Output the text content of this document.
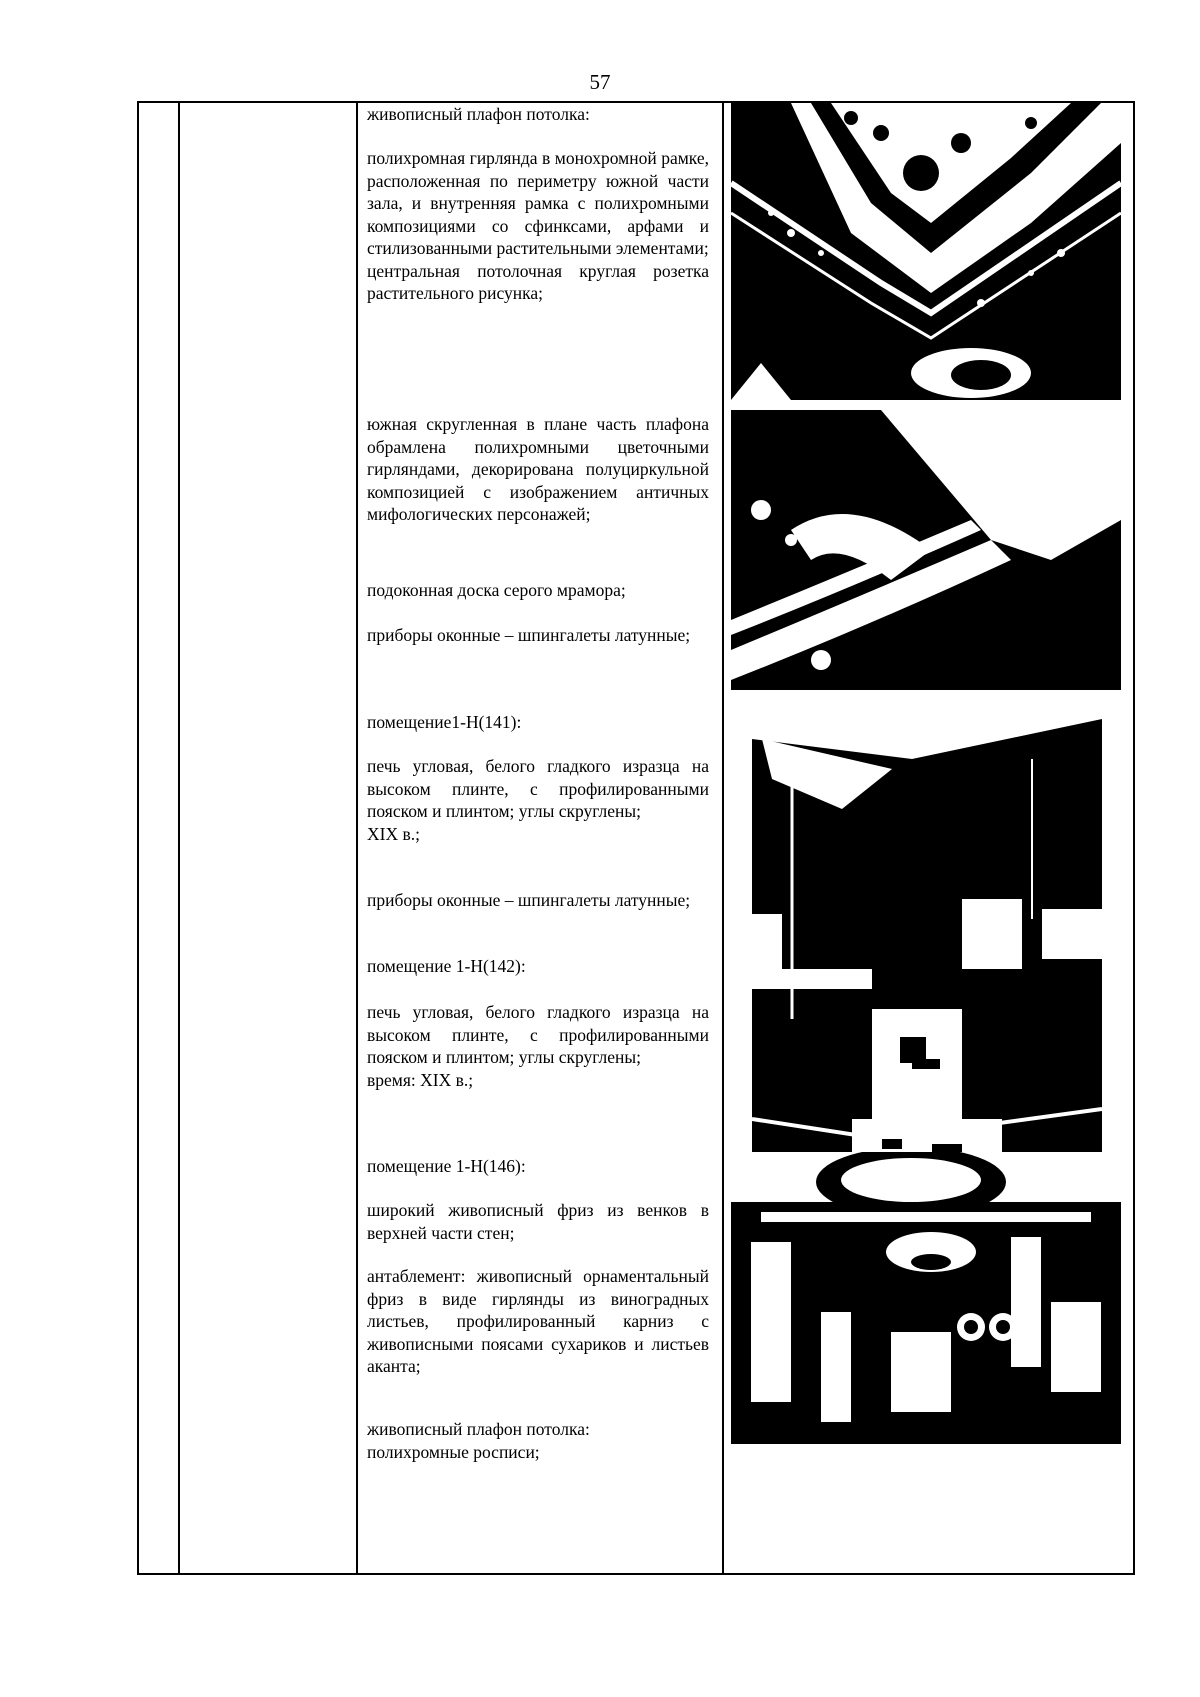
57

живописный плафон потолка:

полихромная гирлянда в монохромной рамке, расположенная по периметру южной части зала, и внутренняя рамка с полихромными композициями со сфинксами, арфами и стилизованными растительными элементами;

центральная потолочная круглая розетка растительного рисунка;

южная скругленная в плане часть плафона обрамлена полихромными цветочными гирляндами, декорирована полуциркульной композицией с изображением античных мифологических персонажей;

подоконная доска серого мрамора;

приборы оконные – шпингалеты латунные;

помещение1-Н(141):

печь угловая, белого гладкого изразца на высоком плинте, с профилированными пояском и плинтом; углы скруглены;

XIX в.;

приборы оконные – шпингалеты латунные;

помещение 1-Н(142):

печь угловая, белого гладкого изразца на высоком плинте, с профилированными пояском и плинтом; углы скруглены;

время: XIX в.;

помещение 1-Н(146):

широкий живописный фриз из венков в верхней части стен;

антаблемент: живописный орнаментальный фриз в виде гирлянды из виноградных листьев, профилированный карниз с живописными поясами сухариков и листьев аканта;

живописный плафон потолка:

полихромные росписи;
